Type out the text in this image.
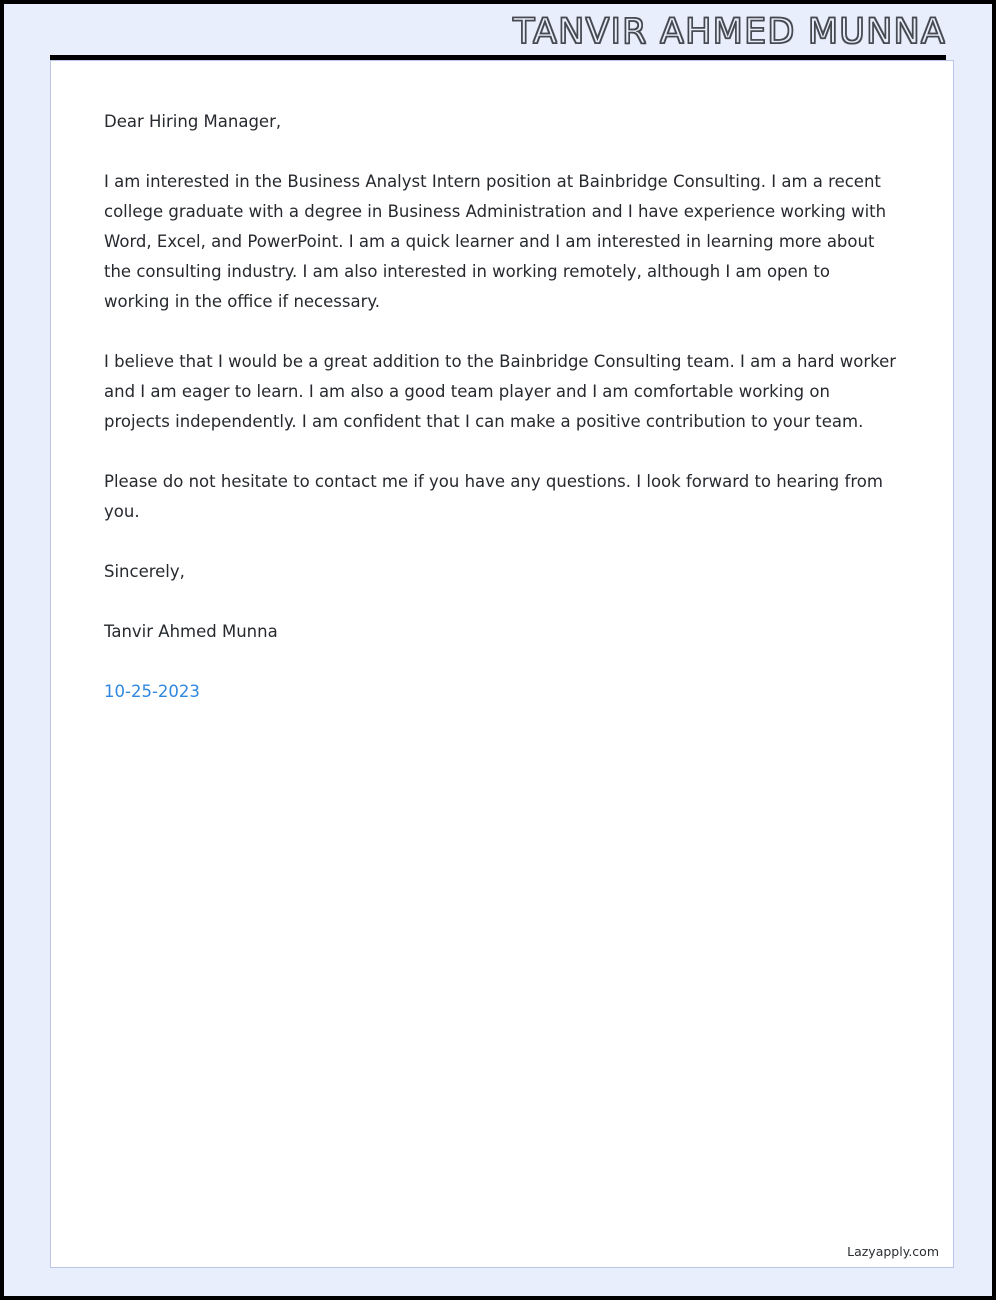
TANVIR AHMED MUNNA

Dear Hiring Manager,

I am interested in the Business Analyst Intern position at Bainbridge Consulting. I am a recent college graduate with a degree in Business Administration and I have experience working with Word, Excel, and PowerPoint. I am a quick learner and I am interested in learning more about the consulting industry. I am also interested in working remotely, although I am open to working in the office if necessary.

I believe that I would be a great addition to the Bainbridge Consulting team. I am a hard worker and I am eager to learn. I am also a good team player and I am comfortable working on projects independently. I am confident that I can make a positive contribution to your team.

Please do not hesitate to contact me if you have any questions. I look forward to hearing from you.

Sincerely,

Tanvir Ahmed Munna

10-25-2023

Lazyapply.com
